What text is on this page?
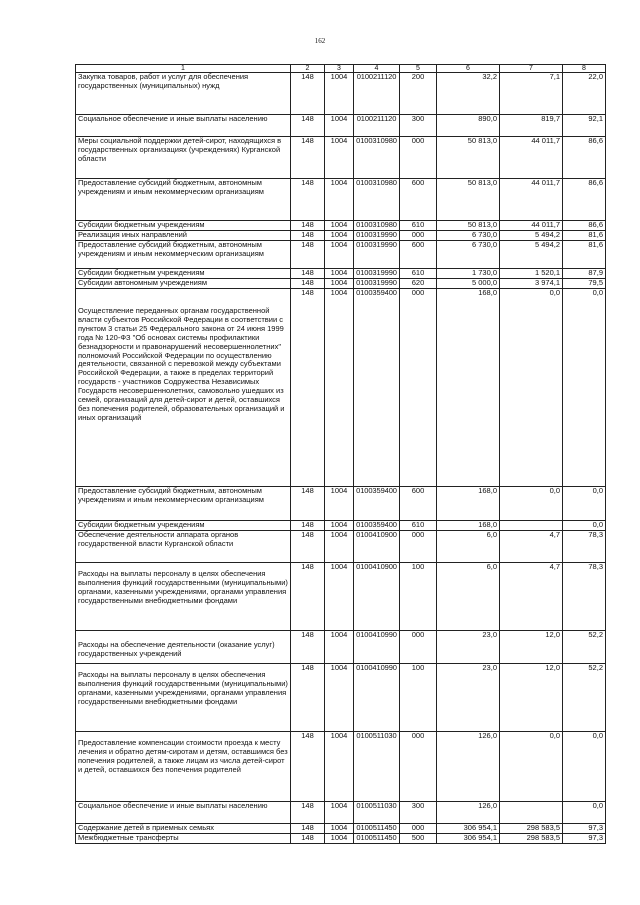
162
1	2	3	4	5	6	7	8
Закупка товаров, работ и услуг для обеспечения государственных (муниципальных) нужд	148	1004	0100211120	200	32,2	7,1	22,0
Социальное обеспечение и иные выплаты населению	148	1004	0100211120	300	890,0	819,7	92,1
Меры социальной поддержки детей-сирот, находящихся в государственных организациях (учреждениях) Курганской области	148	1004	0100310980	000	50 813,0	44 011,7	86,6
Предоставление субсидий бюджетным, автономным учреждениям и иным некоммерческим организациям	148	1004	0100310980	600	50 813,0	44 011,7	86,6
Субсидии бюджетным учреждениям	148	1004	0100310980	610	50 813,0	44 011,7	86,6
Реализация иных направлений	148	1004	0100319990	000	6 730,0	5 494,2	81,6
Предоставление субсидий бюджетным, автономным учреждениям и иным некоммерческим организациям	148	1004	0100319990	600	6 730,0	5 494,2	81,6
Субсидии бюджетным учреждениям	148	1004	0100319990	610	1 730,0	1 520,1	87,9
Субсидии автономным учреждениям	148	1004	0100319990	620	5 000,0	3 974,1	79,5
Осуществление переданных органам государственной власти субъектов Российской Федерации в соответствии с пунктом 3 статьи 25 Федерального закона от 24 июня 1999 года № 120-ФЗ "Об основах системы профилактики безнадзорности и правонарушений несовершеннолетних" полномочий Российской Федерации по осуществлению деятельности, связанной с перевозкой между субъектами Российской Федерации, а также в пределах территорий государств - участников Содружества Независимых Государств несовершеннолетних, самовольно ушедших из семей, организаций для детей-сирот и детей, оставшихся без попечения родителей, образовательных организаций и иных организаций	148	1004	0100359400	000	168,0	0,0	0,0
Предоставление субсидий бюджетным, автономным учреждениям и иным некоммерческим организациям	148	1004	0100359400	600	168,0	0,0	0,0
Субсидии бюджетным учреждениям	148	1004	0100359400	610	168,0		0,0
Обеспечение деятельности аппарата органов государственной власти Курганской области	148	1004	0100410900	000	6,0	4,7	78,3
Расходы на выплаты персоналу в целях обеспечения выполнения функций государственными (муниципальными) органами, казенными учреждениями, органами управления государственными внебюджетными фондами	148	1004	0100410900	100	6,0	4,7	78,3
Расходы на обеспечение деятельности (оказание услуг) государственных учреждений	148	1004	0100410990	000	23,0	12,0	52,2
Расходы на выплаты персоналу в целях обеспечения выполнения функций государственными (муниципальными) органами, казенными учреждениями, органами управления государственными внебюджетными фондами	148	1004	0100410990	100	23,0	12,0	52,2
Предоставление компенсации стоимости проезда к месту лечения и обратно детям-сиротам и детям, оставшимся без попечения родителей, а также лицам из числа детей-сирот и детей, оставшихся без попечения родителей	148	1004	0100511030	000	126,0	0,0	0,0
Социальное обеспечение и иные выплаты населению	148	1004	0100511030	300	126,0		0,0
Содержание детей в приемных семьях	148	1004	0100511450	000	306 954,1	298 583,5	97,3
Межбюджетные трансферты	148	1004	0100511450	500	306 954,1	298 583,5	97,3
